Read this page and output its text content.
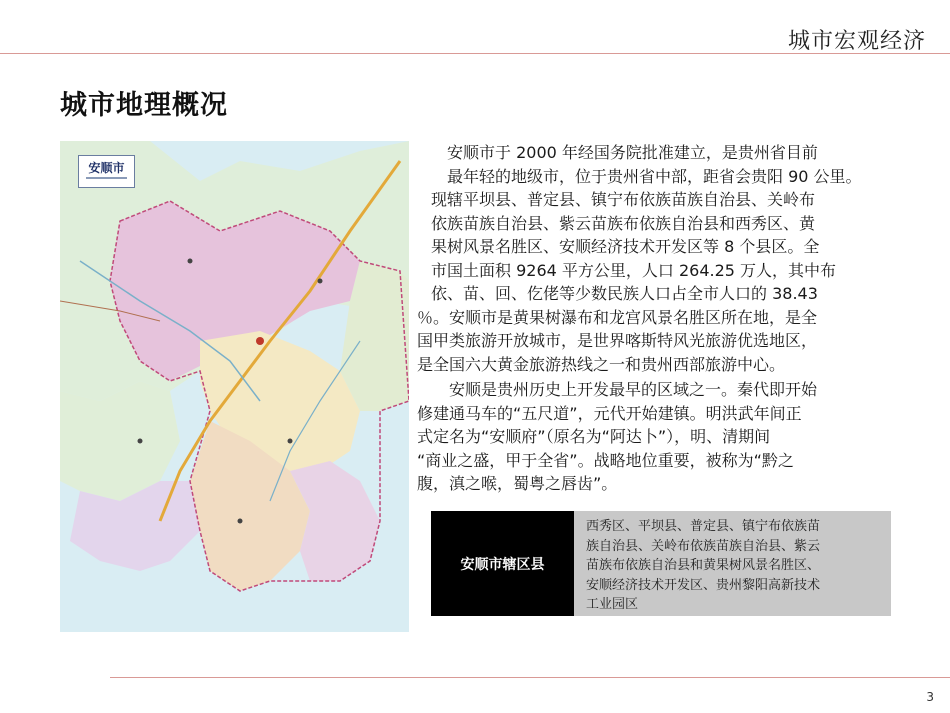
城市宏观经济
城市地理概况
安顺市
　安顺市于 2000 年经国务院批准建立，是贵州省目前
　最年轻的地级市，位于贵州省中部，距省会贵阳 90 公里。
现辖平坝县、普定县、镇宁布依族苗族自治县、关岭布
依族苗族自治县、紫云苗族布依族自治县和西秀区、黄
果树风景名胜区、安顺经济技术开发区等 8 个县区。全
市国土面积 9264 平方公里，人口 264.25 万人，其中布
依、苗、回、仡佬等少数民族人口占全市人口的 38.43
％。安顺市是黄果树瀑布和龙宫风景名胜区所在地，是全
国甲类旅游开放城市，是世界喀斯特风光旅游优选地区，
是全国六大黄金旅游热线之一和贵州西部旅游中心。
　　安顺是贵州历史上开发最早的区域之一。秦代即开始
修建通马车的“五尺道”，元代开始建镇。明洪武年间正
式定名为“安顺府”（原名为“阿达卜”），明、清期间
“商业之盛，甲于全省”。战略地位重要，被称为“黔之
腹，滇之喉，蜀粤之唇齿”。
安顺市辖区县
西秀区、平坝县、普定县、镇宁布依族苗
族自治县、关岭布依族苗族自治县、紫云
苗族布依族自治县和黄果树风景名胜区、
安顺经济技术开发区、贵州黎阳高新技术
工业园区
3
